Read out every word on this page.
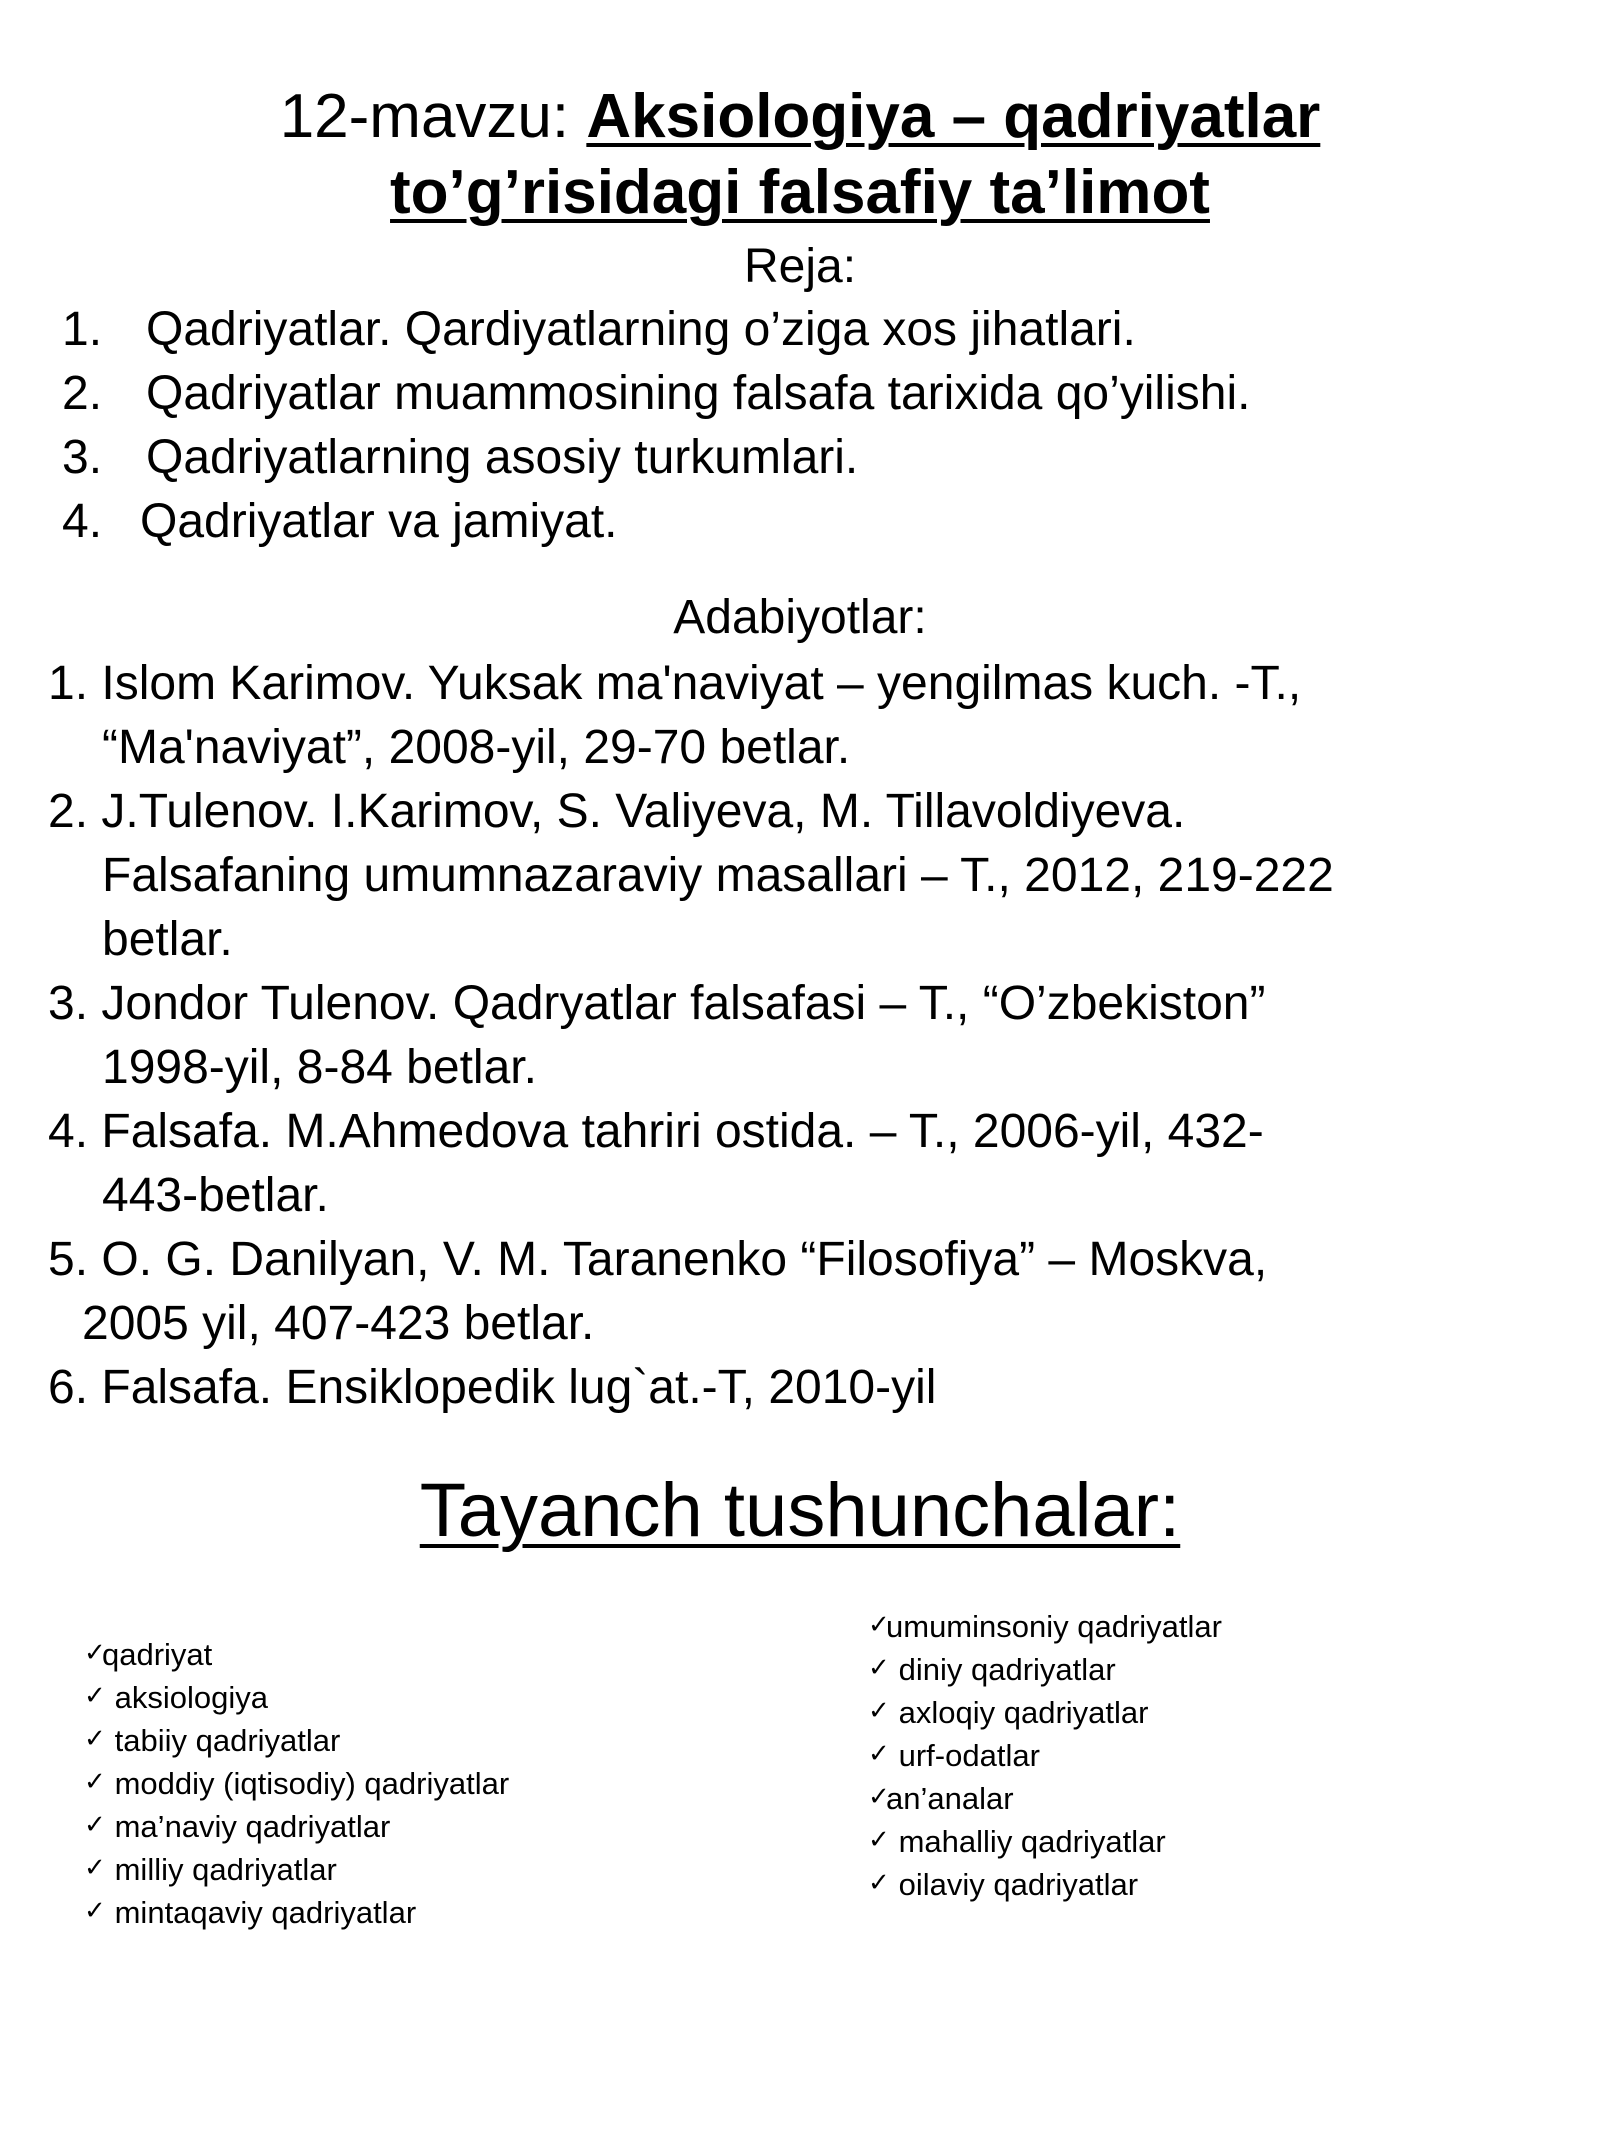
12-mavzu: Aksiologiya – qadriyatlar
to’g’risidagi falsafiy ta’limot
Reja:
1. Qadriyatlar. Qardiyatlarning o’ziga xos jihatlari.
2. Qadriyatlar muammosining falsafa tarixida qo’yilishi.
3. Qadriyatlarning asosiy turkumlari.
4. Qadriyatlar va jamiyat.
Adabiyotlar:
1. Islom Karimov. Yuksak ma'naviyat – yengilmas kuch. -T.,
“Ma'naviyat”, 2008-yil, 29-70 betlar.
2. J.Tulenov. I.Karimov, S. Valiyeva, M. Tillavoldiyeva.
Falsafaning umumnazaraviy masallari – T., 2012, 219-222
betlar.
3. Jondor Tulenov. Qadryatlar falsafasi – T., “O’zbekiston”
1998-yil, 8-84 betlar.
4. Falsafa. M.Ahmedova tahriri ostida. – T., 2006-yil, 432-
443-betlar.
5. O. G. Danilyan, V. M. Taranenko “Filosofiya” – Moskva,
2005 yil, 407-423 betlar.
6. Falsafa. Ensiklopedik lug`at.-T, 2010-yil
Tayanch tushunchalar:
✓qadriyat
✓ aksiologiya
✓ tabiiy qadriyatlar
✓ moddiy (iqtisodiy) qadriyatlar
✓ ma’naviy qadriyatlar
✓ milliy qadriyatlar
✓ mintaqaviy qadriyatlar
✓umuminsoniy qadriyatlar
✓ diniy qadriyatlar
✓ axloqiy qadriyatlar
✓ urf-odatlar
✓an’analar
✓ mahalliy qadriyatlar
✓ oilaviy qadriyatlar
